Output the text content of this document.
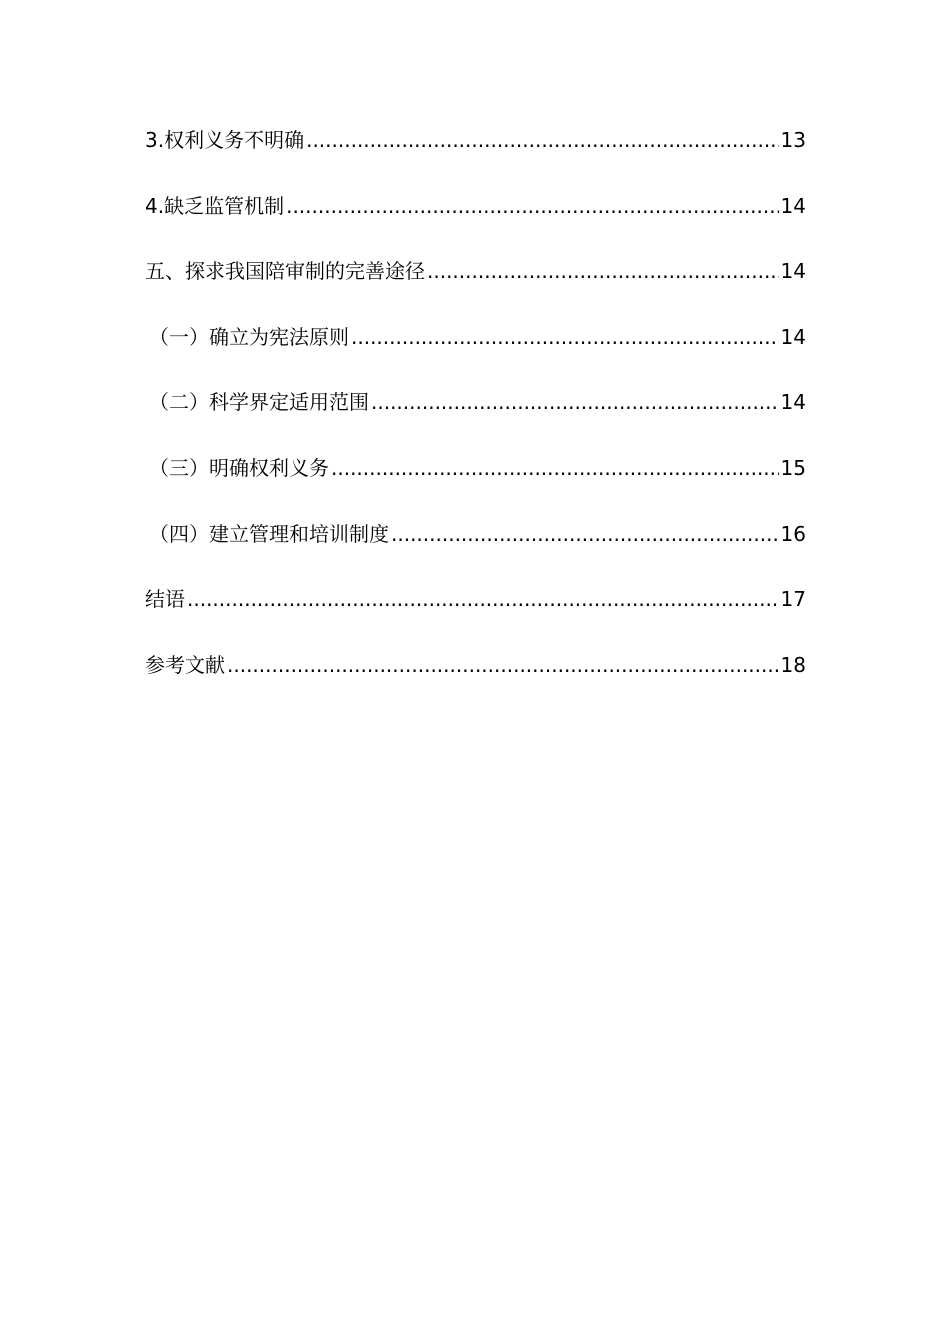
3.权利义务不明确 .....	13
4.缺乏监管机制 .....	14
五、探求我国陪审制的完善途径 .....	14
（一）确立为宪法原则 .....	14
（二）科学界定适用范围 .....	14
（三）明确权利义务 .....	15
（四）建立管理和培训制度 .....	16
结语 .....	17
参考文献 .....	18
